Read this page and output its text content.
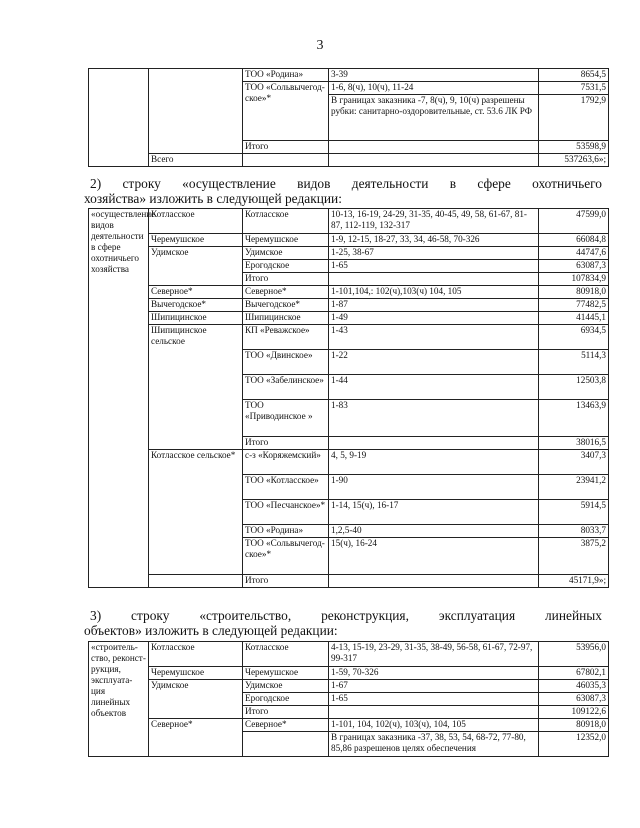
3
		ТОО «Родина»	3-39	8654,5
		ТОО «Сольвычегод-ское»*	1-6, 8(ч), 10(ч), 11-24	7531,5
			В границах заказника -7, 8(ч), 9, 10(ч) разрешены рубки: санитарно-оздоровительные, ст. 53.6 ЛК РФ	1792,9
		Итого		53598,9
	Всего			537263,6»;
2) строку «осуществление видов деятельности в сфере охотничьего
хозяйства» изложить в следующей редакции:
«осуществление видов деятельности в сфере охотничьего хозяйства	Котласское	Котласское	10-13, 16-19, 24-29, 31-35, 40-45, 49, 58, 61-67, 81-87, 112-119, 132-317	47599,0
	Черемушское	Черемушское	1-9, 12-15, 18-27, 33, 34, 46-58, 70-326	66084,8
	Удимское	Удимское	1-25, 38-67	44747,6
		Ерогодское	1-65	63087,3
		Итого		107834,9
	Северное*	Северное*	1-101,104,: 102(ч),103(ч) 104, 105	80918,0
	Вычегодское*	Вычегодское*	1-87	77482,5
	Шипицинское	Шипицинское	1-49	41445,1
	Шипицинское сельское	КП «Реважское»	1-43	6934,5
		ТОО «Двинское»	1-22	5114,3
		ТОО «Забелинское»	1-44	12503,8
		ТОО «Приводинское »	1-83	13463,9
		Итого		38016,5
	Котласское сельское*	с-з «Коряжемский»	4, 5, 9-19	3407,3
		ТОО «Котласское»	1-90	23941,2
		ТОО «Песчанское»*	1-14, 15(ч), 16-17	5914,5
		ТОО «Родина»	1,2,5-40	8033,7
		ТОО «Сольвычегод-ское»*	15(ч), 16-24	3875,2
		Итого		45171,9»;
3) строку «строительство, реконструкция, эксплуатация линейных
объектов» изложить в следующей редакции:
«строитель-ство, реконст-рукция, эксплуата-ция линейных объектов	Котласское	Котласское	4-13, 15-19, 23-29, 31-35, 38-49, 56-58, 61-67, 72-97, 99-317	53956,0
	Черемушское	Черемушское	1-59, 70-326	67802,1
	Удимское	Удимское	1-67	46035,3
		Ерогодское	1-65	63087,3
		Итого		109122,6
	Северное*	Северное*	1-101, 104, 102(ч), 103(ч), 104, 105	80918,0
			В границах заказника -37, 38, 53, 54, 68-72, 77-80, 85,86 разрешенов целях обеспечения	12352,0
